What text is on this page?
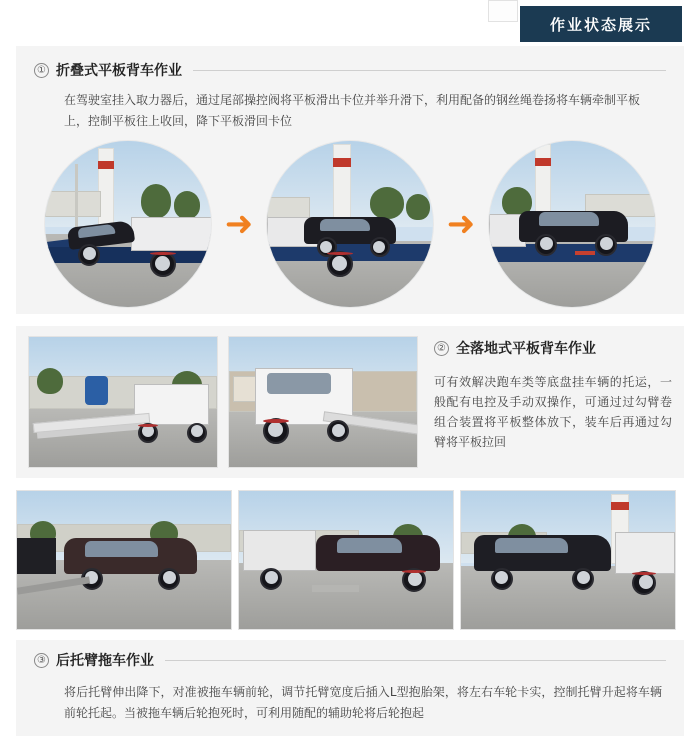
作业状态展示
① 折叠式平板背车作业
在驾驶室挂入取力器后，通过尾部操控阀将平板滑出卡位并举升滑下，利用配备的钢丝绳卷扬将车辆牵制平板上，控制平板往上收回，降下平板滑回卡位
➜	➜
② 全落地式平板背车作业
可有效解决跑车类等底盘挂车辆的托运，一般配有电控及手动双操作，可通过过勾臂卷组合装置将平板整体放下，装车后再通过勾臂将平板拉回
③ 后托臂拖车作业
将后托臂伸出降下，对准被拖车辆前轮，调节托臂宽度后插入L型抱胎架，将左右车轮卡实，控制托臂升起将车辆前轮托起。当被拖车辆后轮抱死时，可利用随配的辅助轮将后轮抱起
